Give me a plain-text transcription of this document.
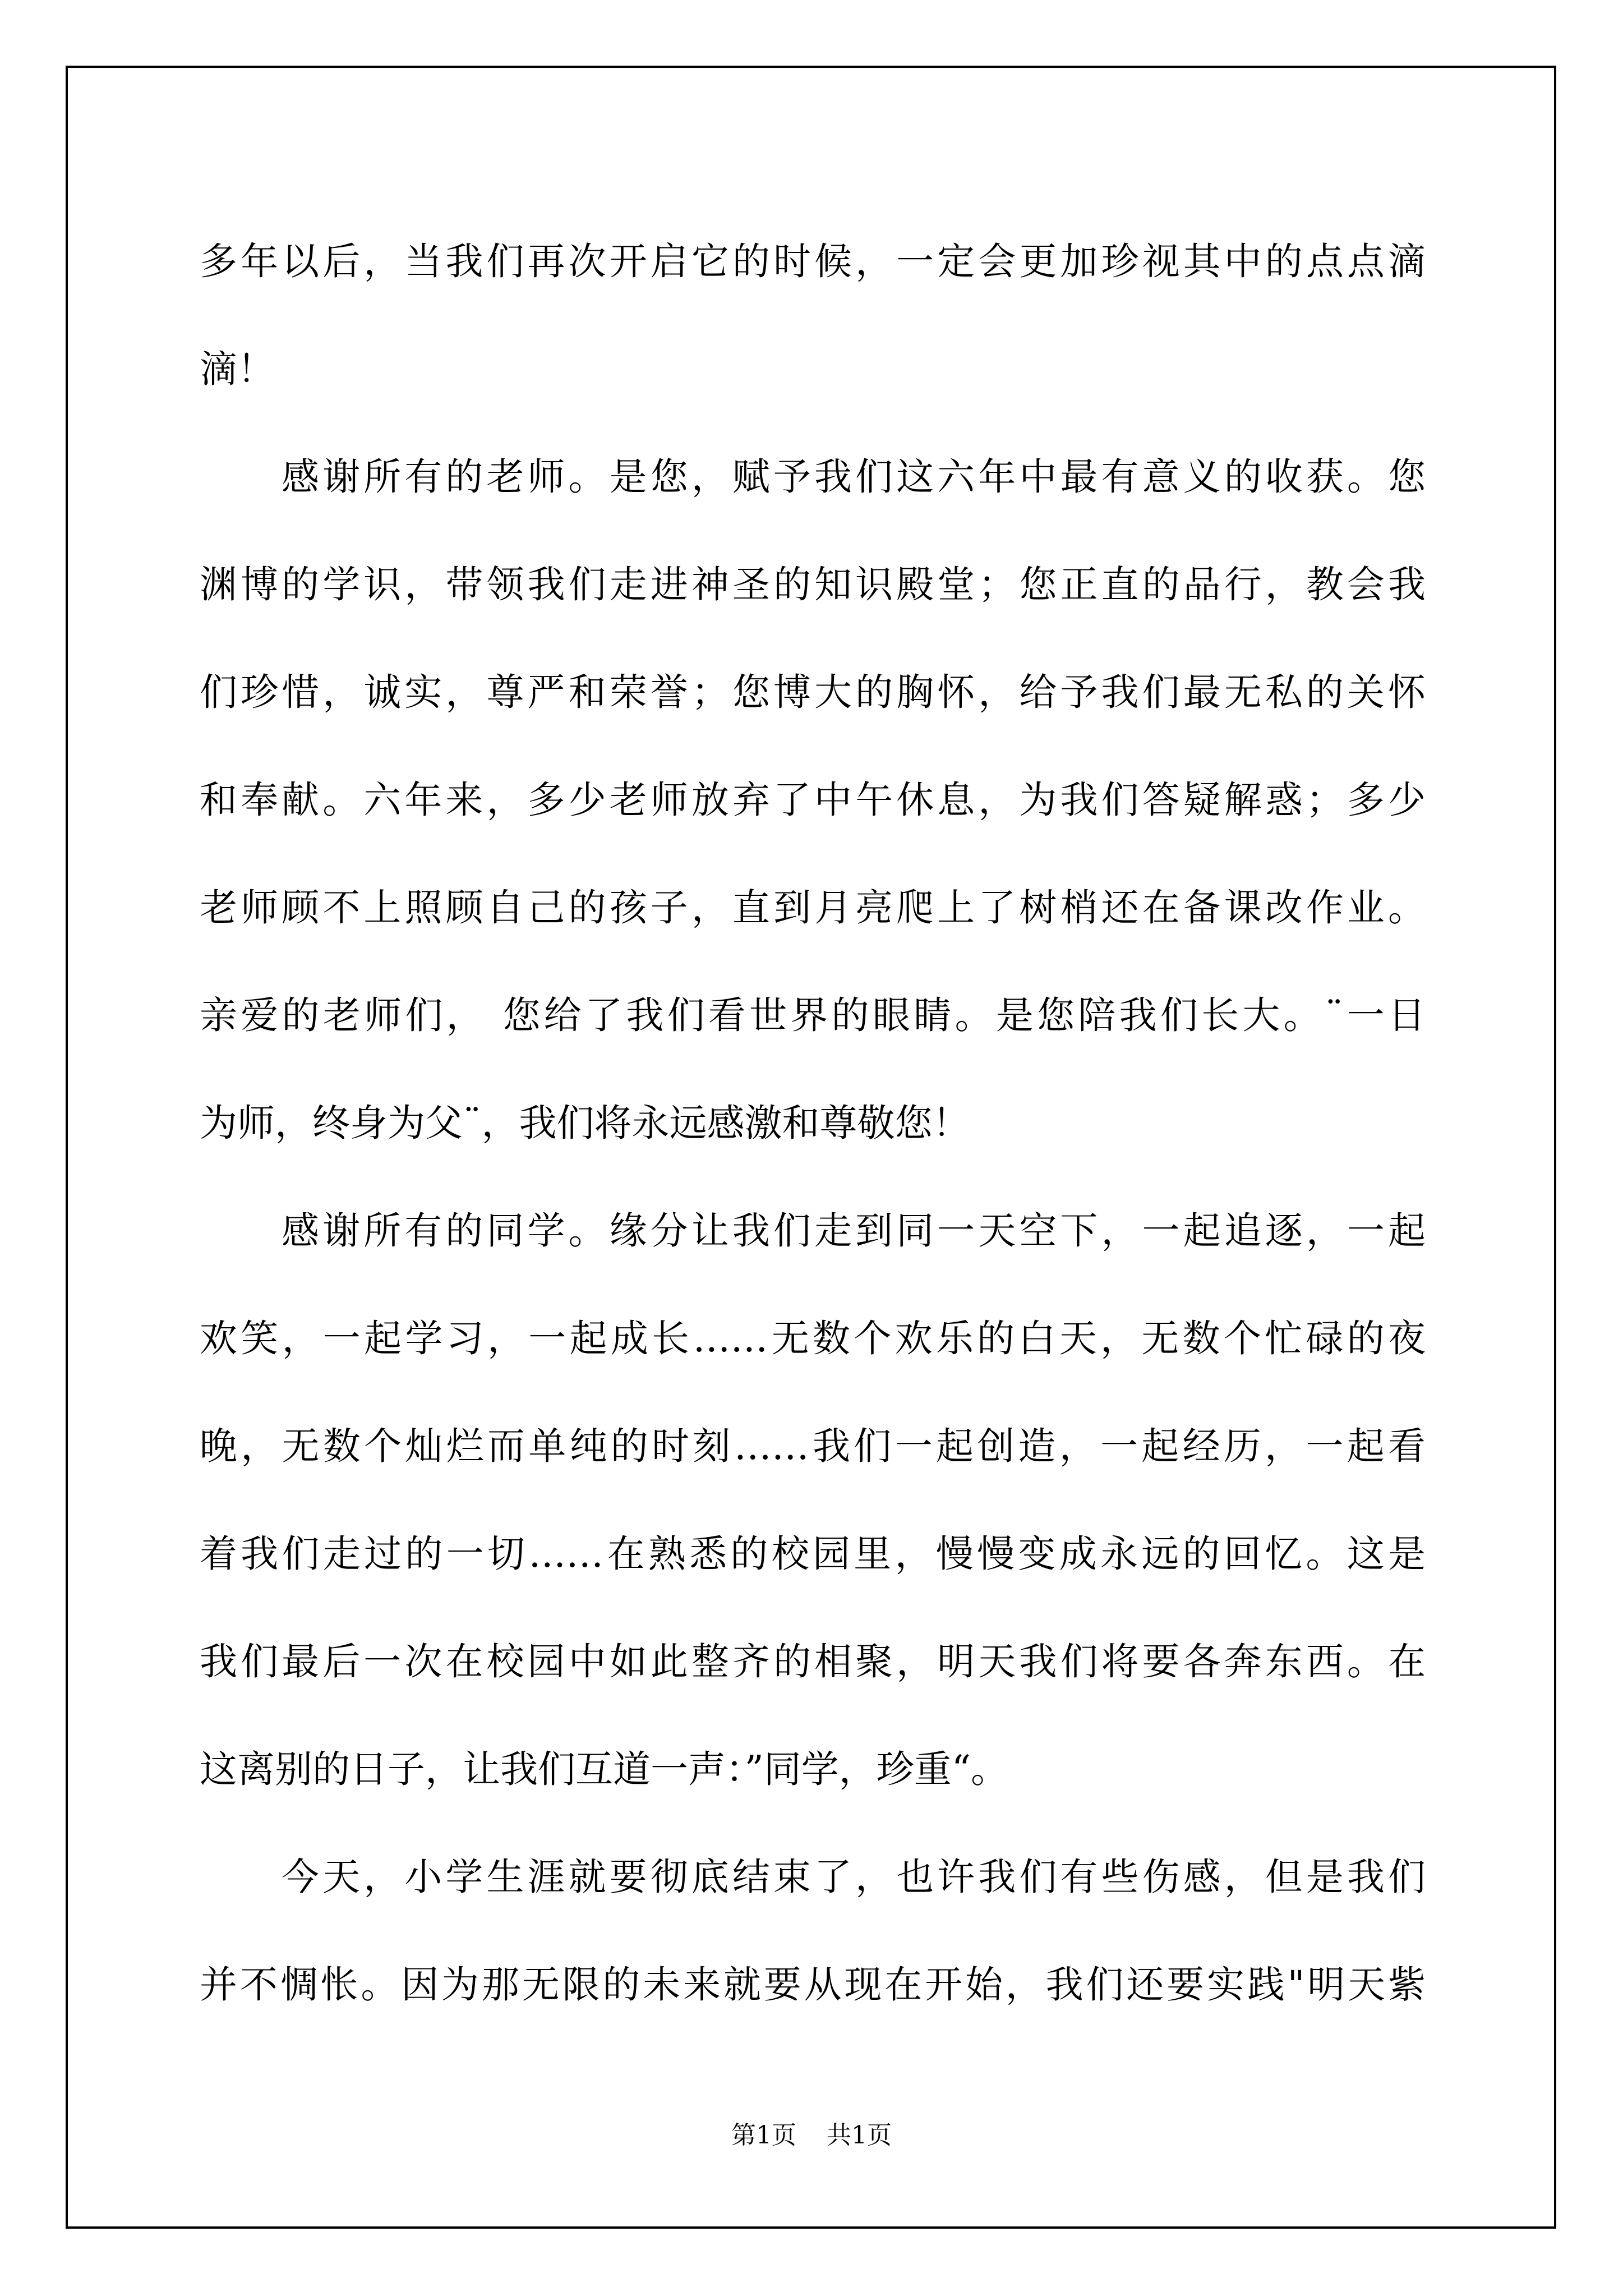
多年以后，当我们再次开启它的时候，一定会更加珍视其中的点点滴
滴！
感谢所有的老师。是您，赋予我们这六年中最有意义的收获。您
渊博的学识，带领我们走进神圣的知识殿堂；您正直的品行，教会我
们珍惜，诚实，尊严和荣誉；您博大的胸怀，给予我们最无私的关怀
和奉献。六年来，多少老师放弃了中午休息，为我们答疑解惑；多少
老师顾不上照顾自己的孩子，直到月亮爬上了树梢还在备课改作业。
亲爱的老师们， 您给了我们看世界的眼睛。是您陪我们长大。¨一日
为师，终身为父¨，我们将永远感激和尊敬您！
感谢所有的同学。缘分让我们走到同一天空下，一起追逐，一起
欢笑，一起学习，一起成长……无数个欢乐的白天，无数个忙碌的夜
晚，无数个灿烂而单纯的时刻……我们一起创造，一起经历，一起看
着我们走过的一切……在熟悉的校园里，慢慢变成永远的回忆。这是
我们最后一次在校园中如此整齐的相聚，明天我们将要各奔东西。在
这离别的日子，让我们互道一声：”同学，珍重“。
今天，小学生涯就要彻底结束了，也许我们有些伤感，但是我们
并不惆怅。因为那无限的未来就要从现在开始，我们还要实践"明天紫
第1页 共1页
